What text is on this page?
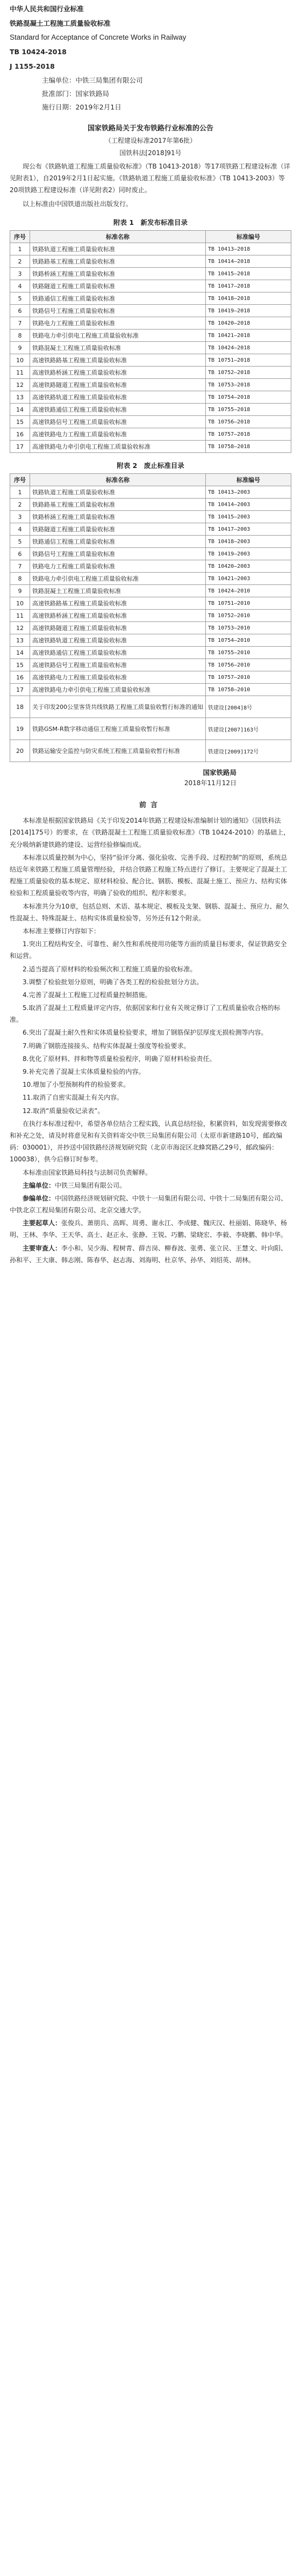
中华人民共和国行业标准
铁路混凝土工程施工质量验收标准
Standard for Acceptance of Concrete Works in Railway
TB 10424-2018
J 1155-2018
主编单位：中铁三局集团有限公司
批准部门：国家铁路局
施行日期：2019年2月1日
国家铁路局关于发布铁路行业标准的公告
（工程建设标准2017年第6批）
国铁科法[2018]91号

现公布《铁路轨道工程施工质量验收标准》（TB 10413-2018）等17项铁路工程建设标准（详见附表1），自2019年2月1日起实施。《铁路轨道工程施工质量验收标准》（TB 10413-2003）等20项铁路工程建设标准（详见附表2）同时废止。

以上标准由中国铁道出版社出版发行。

附表 1　新发布标准目录
序号	标准名称	标准编号
1	铁路轨道工程施工质量验收标准	TB 10413—2018
2	铁路路基工程施工质量验收标准	TB 10414—2018
3	铁路桥涵工程施工质量验收标准	TB 10415—2018
4	铁路隧道工程施工质量验收标准	TB 10417—2018
5	铁路通信工程施工质量验收标准	TB 10418—2018
6	铁路信号工程施工质量验收标准	TB 10419—2018
7	铁路电力工程施工质量验收标准	TB 10420—2018
8	铁路电力牵引供电工程施工质量验收标准	TB 10421—2018
9	铁路混凝土工程施工质量验收标准	TB 10424—2018
10	高速铁路路基工程施工质量验收标准	TB 10751—2018
11	高速铁路桥涵工程施工质量验收标准	TB 10752—2018
12	高速铁路隧道工程施工质量验收标准	TB 10753—2018
13	高速铁路轨道工程施工质量验收标准	TB 10754—2018
14	高速铁路通信工程施工质量验收标准	TB 10755—2018
15	高速铁路信号工程施工质量验收标准	TB 10756—2018
16	高速铁路电力工程施工质量验收标准	TB 10757—2018
17	高速铁路电力牵引供电工程施工质量验收标准	TB 10758—2018
附表 2　废止标准目录
序号	标准名称	标准编号
1	铁路轨道工程施工质量验收标准	TB 10413—2003
2	铁路路基工程施工质量验收标准	TB 10414—2003
3	铁路桥涵工程施工质量验收标准	TB 10415—2003
4	铁路隧道工程施工质量验收标准	TB 10417—2003
5	铁路通信工程施工质量验收标准	TB 10418—2003
6	铁路信号工程施工质量验收标准	TB 10419—2003
7	铁路电力工程施工质量验收标准	TB 10420—2003
8	铁路电力牵引供电工程施工质量验收标准	TB 10421—2003
9	铁路混凝土工程施工质量验收标准	TB 10424—2010
10	高速铁路路基工程施工质量验收标准	TB 10751—2010
11	高速铁路桥涵工程施工质量验收标准	TB 10752—2010
12	高速铁路隧道工程施工质量验收标准	TB 10753—2010
13	高速铁路轨道工程施工质量验收标准	TB 10754—2010
14	高速铁路通信工程施工质量验收标准	TB 10755—2010
15	高速铁路信号工程施工质量验收标准	TB 10756—2010
16	高速铁路电力工程施工质量验收标准	TB 10757—2010
17	高速铁路电力牵引供电工程施工质量验收标准	TB 10758—2010
18	关于印发200公里客货共线铁路工程施工质量验收暂行标准的通知	铁建设[2004]8号
19	铁路GSM-R数字移动通信工程施工质量验收暂行标准	铁建设[2007]163号
20	铁路运输安全监控与防灾系统工程施工质量验收暂行标准	铁建设[2009]172号
国家铁路局
2018年11月12日
前言

本标准是根据国家铁路局《关于印发2014年铁路工程建设标准编制计划的通知》（国铁科法[2014]175号）的要求，在《铁路混凝土工程施工质量验收标准》（TB 10424-2010）的基础上，充分吸纳新建铁路的建设、运营经验修编而成。

本标准以质量控制为中心，坚持“验评分离、强化验收、完善手段、过程控制”的原则，系统总结近年来铁路工程施工质量管理经验，并结合铁路工程施工特点进行了修订。主要规定了混凝土工程施工质量验收的基本规定、原材料检验、配合比、钢筋、模板、混凝土施工、预应力、结构实体检验和工程质量验收等内容，明确了验收的组织、程序和要求。

本标准共分为10章，包括总则、术语、基本规定、模板及支架、钢筋、混凝土、预应力、耐久性混凝土、特殊混凝土、结构实体质量检验等，另外还有12个附录。

本标准主要修订内容如下：

1.突出工程结构安全、可靠性、耐久性和系统使用功能等方面的质量目标要求，保证铁路安全和运营。

2.适当提高了原材料的检验频次和工程施工质量的验收标准。

3.调整了检验批划分原则，明确了各类工程的检验批划分方法。

4.完善了混凝土工程施工过程质量控制措施。

5.取消了混凝土工程质量评定内容，依据国家和行业有关规定修订了工程质量验收合格的标准。

6.突出了混凝土耐久性和实体质量检验要求，增加了钢筋保护层厚度无损检测等内容。

7.明确了钢筋连接接头、结构实体混凝土强度等检验要求。

8.优化了原材料、拌和物等质量检验程序，明确了原材料检验责任。

9.补充完善了混凝土实体质量检验的内容。

10.增加了小型预制构件的检验要求。

11.取消了自密实混凝土有关内容。

12.取消“质量验收记录表”。

在执行本标准过程中，希望各单位结合工程实践，认真总结经验，积累资料，如发现需要修改和补充之处，请及时将意见和有关资料寄交中铁三局集团有限公司（太原市新建路10号，邮政编码：030001），并抄送中国铁路经济规划研究院（北京市海淀区北蜂窝路乙29号，邮政编码：100038），供今后修订时参考。

本标准由国家铁路局科技与法制司负责解释。

主编单位：中铁三局集团有限公司。

参编单位：中国铁路经济规划研究院、中铁十一局集团有限公司、中铁十二局集团有限公司、中铁北京工程局集团有限公司、北京交通大学。

主要起草人：张俊兵、萧朋兵、高晖、周勇、谢永江、李成健、魏庆汉、杜丽娟、陈晓华、杨明、王林、李华、王天华、高士、赵正永、张静、王锐、巧鹏、梁晓宏、李毅、李晓鹏、韩中华。

主要审查人：李小和、吴少海、程树青、薛吉岗、柳春波、张勇、张立民、王慧文、叶向阳、孙和平、王大康、韩志刚、陈春华、赵志海、刘海明、杜京华、孙华、刘绍英、胡林。
